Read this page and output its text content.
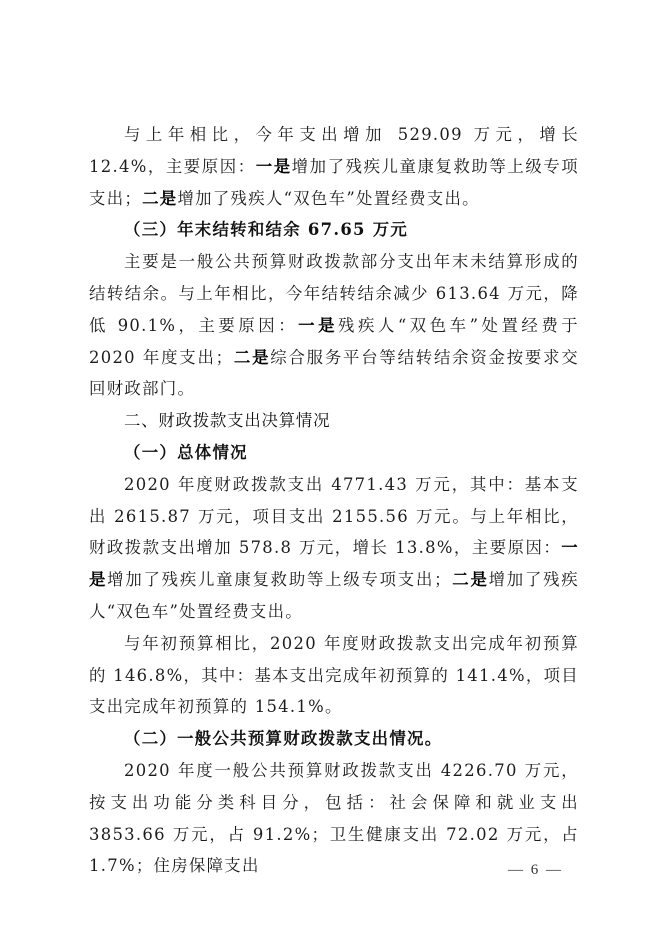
与上年相比，今年支出增加 529.09 万元，增长 12.4%，主要原因：一是增加了残疾儿童康复救助等上级专项支出；二是增加了残疾人“双色车”处置经费支出。

（三）年末结转和结余 67.65 万元

主要是一般公共预算财政拨款部分支出年末未结算形成的结转结余。与上年相比，今年结转结余减少 613.64 万元，降低 90.1%，主要原因：一是残疾人“双色车”处置经费于 2020 年度支出；二是综合服务平台等结转结余资金按要求交回财政部门。

二、财政拨款支出决算情况

（一）总体情况

2020 年度财政拨款支出 4771.43 万元，其中：基本支出 2615.87 万元，项目支出 2155.56 万元。与上年相比，财政拨款支出增加 578.8 万元，增长 13.8%，主要原因：一是增加了残疾儿童康复救助等上级专项支出；二是增加了残疾人“双色车”处置经费支出。

与年初预算相比，2020 年度财政拨款支出完成年初预算的 146.8%，其中：基本支出完成年初预算的 141.4%，项目支出完成年初预算的 154.1%。

（二）一般公共预算财政拨款支出情况。

2020 年度一般公共预算财政拨款支出 4226.70 万元，按支出功能分类科目分，包括：社会保障和就业支出 3853.66 万元，占 91.2%；卫生健康支出 72.02 万元，占 1.7%；住房保障支出	— 6 —
